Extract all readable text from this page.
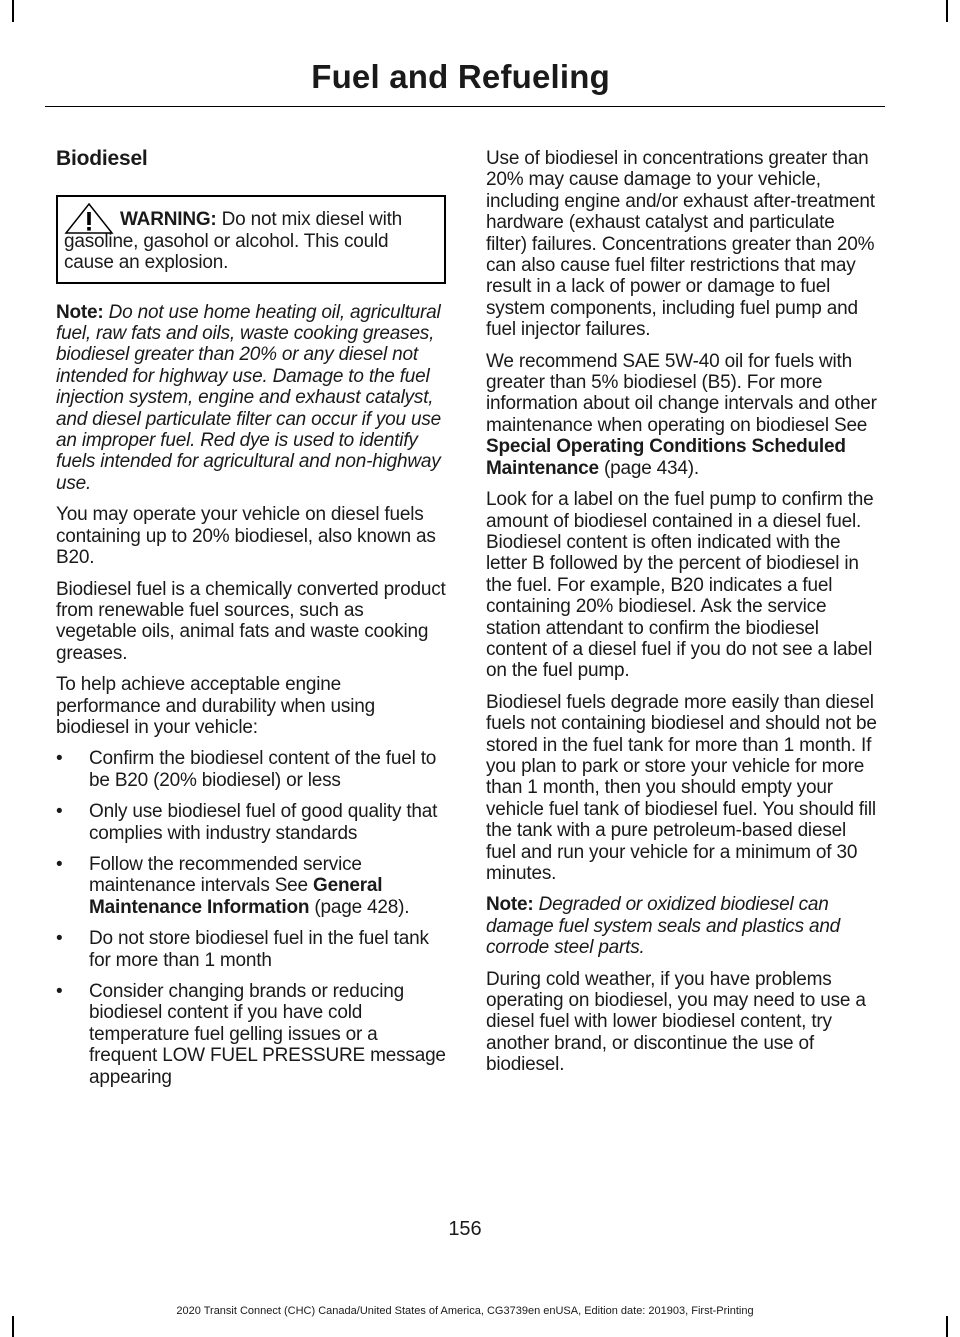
Fuel and Refueling
Biodiesel
WARNING: Do not mix diesel with gasoline, gasohol or alcohol. This could cause an explosion.

Note: Do not use home heating oil, agricultural fuel, raw fats and oils, waste cooking greases, biodiesel greater than 20% or any diesel not intended for highway use. Damage to the fuel injection system, engine and exhaust catalyst, and diesel particulate filter can occur if you use an improper fuel. Red dye is used to identify fuels intended for agricultural and non-highway use.

You may operate your vehicle on diesel fuels containing up to 20% biodiesel, also known as B20.

Biodiesel fuel is a chemically converted product from renewable fuel sources, such as vegetable oils, animal fats and waste cooking greases.

To help achieve acceptable engine performance and durability when using biodiesel in your vehicle:

• Confirm the biodiesel content of the fuel to be B20 (20% biodiesel) or less
• Only use biodiesel fuel of good quality that complies with industry standards
• Follow the recommended service maintenance intervals See General Maintenance Information (page 428).
• Do not store biodiesel fuel in the fuel tank for more than 1 month
• Consider changing brands or reducing biodiesel content if you have cold temperature fuel gelling issues or a frequent LOW FUEL PRESSURE message appearing

Use of biodiesel in concentrations greater than 20% may cause damage to your vehicle, including engine and/or exhaust after-treatment hardware (exhaust catalyst and particulate filter) failures. Concentrations greater than 20% can also cause fuel filter restrictions that may result in a lack of power or damage to fuel system components, including fuel pump and fuel injector failures.

We recommend SAE 5W-40 oil for fuels with greater than 5% biodiesel (B5). For more information about oil change intervals and other maintenance when operating on biodiesel See Special Operating Conditions Scheduled Maintenance (page 434).

Look for a label on the fuel pump to confirm the amount of biodiesel contained in a diesel fuel. Biodiesel content is often indicated with the letter B followed by the percent of biodiesel in the fuel. For example, B20 indicates a fuel containing 20% biodiesel. Ask the service station attendant to confirm the biodiesel content of a diesel fuel if you do not see a label on the fuel pump.

Biodiesel fuels degrade more easily than diesel fuels not containing biodiesel and should not be stored in the fuel tank for more than 1 month. If you plan to park or store your vehicle for more than 1 month, then you should empty your vehicle fuel tank of biodiesel fuel. You should fill the tank with a pure petroleum-based diesel fuel and run your vehicle for a minimum of 30 minutes.

Note: Degraded or oxidized biodiesel can damage fuel system seals and plastics and corrode steel parts.

During cold weather, if you have problems operating on biodiesel, you may need to use a diesel fuel with lower biodiesel content, try another brand, or discontinue the use of biodiesel.

156
2020 Transit Connect (CHC) Canada/United States of America, CG3739en enUSA, Edition date: 201903, First-Printing
